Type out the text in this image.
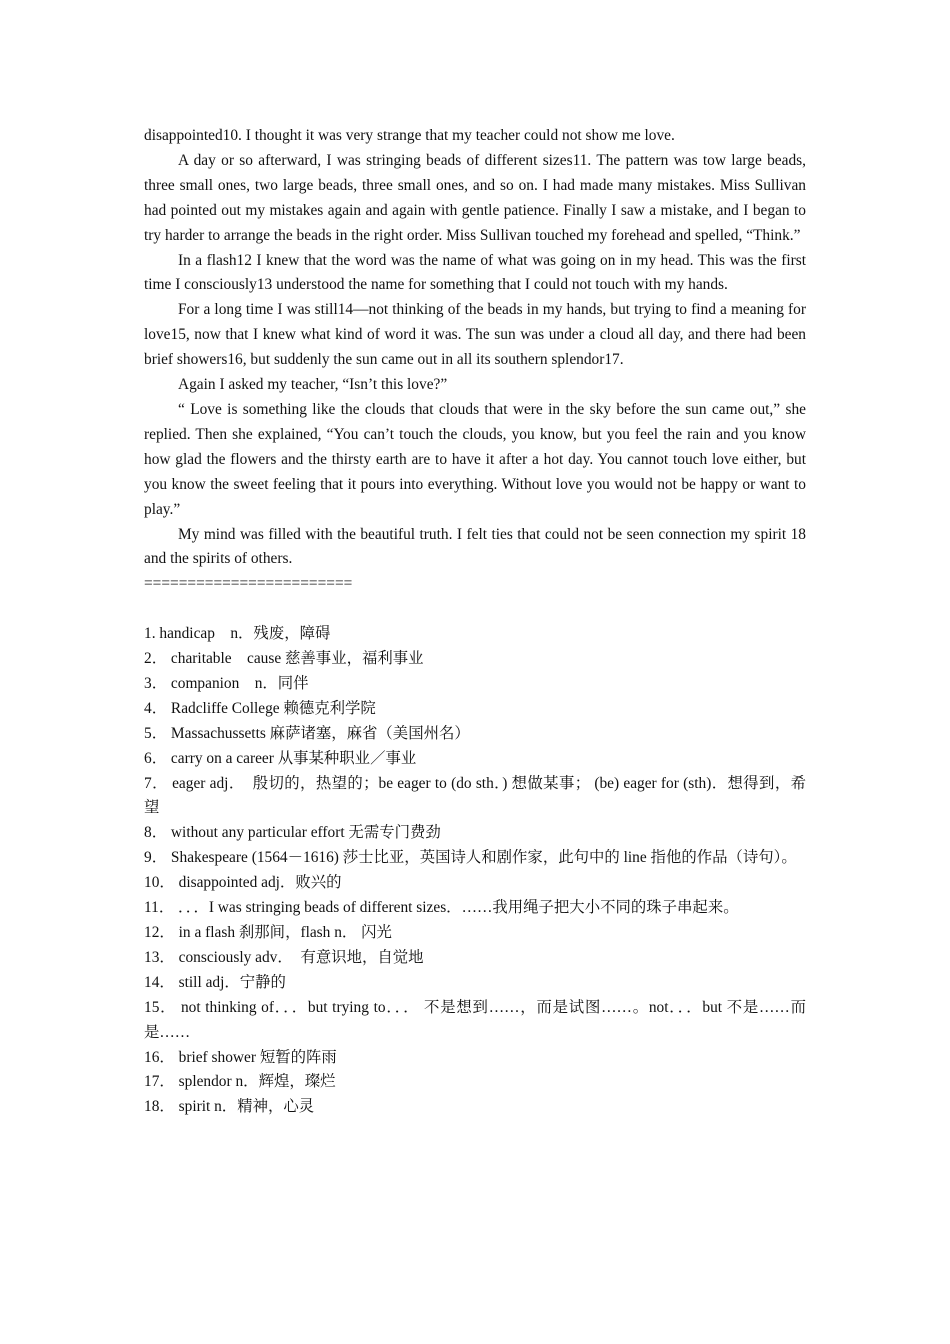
disappointed10. I thought it was very strange that my teacher could not show me love.

A day or so afterward, I was stringing beads of different sizes11. The pattern was tow large beads, three small ones, two large beads, three small ones, and so on. I had made many mistakes. Miss Sullivan had pointed out my mistakes again and again with gentle patience. Finally I saw a mistake, and I began to try harder to arrange the beads in the right order. Miss Sullivan touched my forehead and spelled, “Think.”

In a flash12 I knew that the word was the name of what was going on in my head. This was the first time I consciously13 understood the name for something that I could not touch with my hands.

For a long time I was still14—not thinking of the beads in my hands, but trying to find a meaning for love15, now that I knew what kind of word it was. The sun was under a cloud all day, and there had been brief showers16, but suddenly the sun came out in all its southern splendor17.

Again I asked my teacher, “Isn’t this love?”

“ Love is something like the clouds that clouds that were in the sky before the sun came out,” she replied. Then she explained, “You can’t touch the clouds, you know, but you feel the rain and you know how glad the flowers and the thirsty earth are to have it after a hot day. You cannot touch love either, but you know the sweet feeling that it pours into everything. Without love you would not be happy or want to play.”

My mind was filled with the beautiful truth. I felt ties that could not be seen connection my spirit 18 and the spirits of others.

========================

1. handicap　n．残废，障碍

2． charitable　cause 慈善事业，福利事业

3． companion　n．同伴

4． Radcliffe College 赖德克利学院

5． Massachussetts 麻萨诸塞，麻省（美国州名）

6． carry on a career 从事某种职业／事业

7． eager adj．　殷切的，热望的；be eager to (do sth．) 想做某事； (be) eager for (sth)．想得到，希望

8． without any particular effort 无需专门费劲

9． Shakespeare (1564－1616) 莎士比亚，英国诗人和剧作家，此句中的 line 指他的作品（诗句）。

10． disappointed adj．败兴的

11． ．．．I was stringing beads of different sizes．……我用绳子把大小不同的珠子串起来。

12． in a flash 刹那间，flash n． 闪光

13． consciously adv．　有意识地，自觉地

14． still adj．宁静的

15． not thinking of．．．but trying to．．． 不是想到……，而是试图……。not．．．but 不是……而是……

16． brief shower 短暂的阵雨

17． splendor n．辉煌，璨烂

18． spirit n．精神，心灵
